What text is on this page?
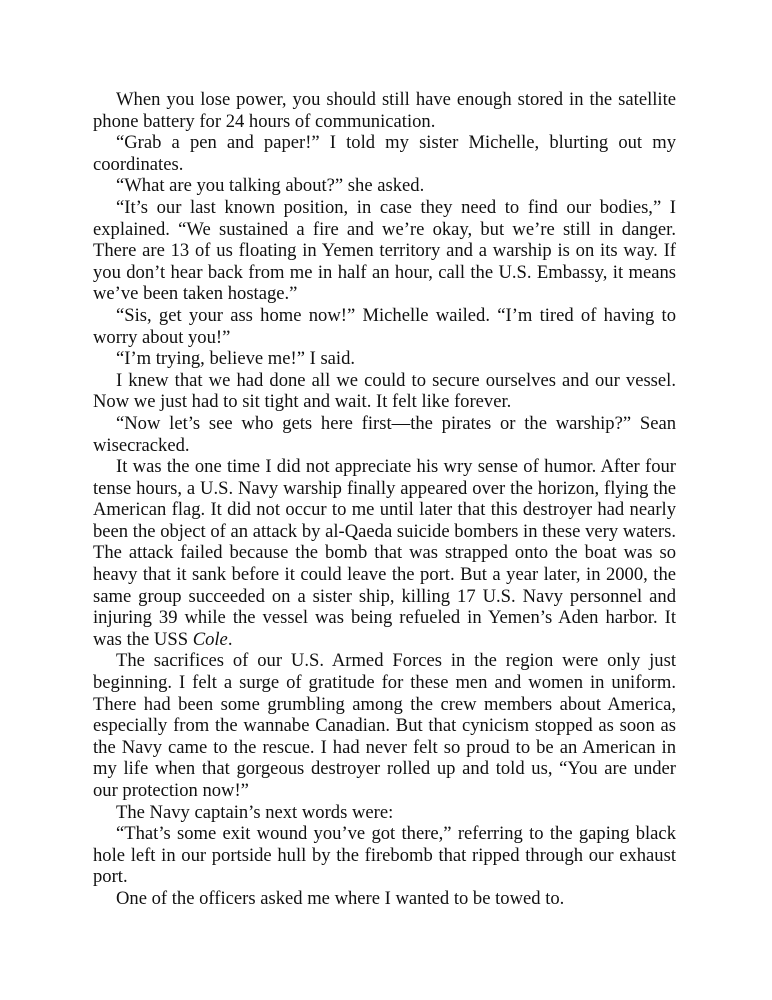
When you lose power, you should still have enough stored in the satellite phone battery for 24 hours of communication.

“Grab a pen and paper!” I told my sister Michelle, blurting out my coordinates.

“What are you talking about?” she asked.

“It’s our last known position, in case they need to find our bodies,” I explained. “We sustained a fire and we’re okay, but we’re still in danger. There are 13 of us floating in Yemen territory and a warship is on its way. If you don’t hear back from me in half an hour, call the U.S. Embassy, it means we’ve been taken hostage.”

“Sis, get your ass home now!” Michelle wailed. “I’m tired of having to worry about you!”

“I’m trying, believe me!” I said.

I knew that we had done all we could to secure ourselves and our vessel. Now we just had to sit tight and wait. It felt like forever.

“Now let’s see who gets here first—the pirates or the warship?” Sean wisecracked.

It was the one time I did not appreciate his wry sense of humor. After four tense hours, a U.S. Navy warship finally appeared over the horizon, flying the American flag. It did not occur to me until later that this destroyer had nearly been the object of an attack by al-Qaeda suicide bombers in these very waters. The attack failed because the bomb that was strapped onto the boat was so heavy that it sank before it could leave the port. But a year later, in 2000, the same group succeeded on a sister ship, killing 17 U.S. Navy personnel and injuring 39 while the vessel was being refueled in Yemen’s Aden harbor. It was the USS Cole.

The sacrifices of our U.S. Armed Forces in the region were only just beginning. I felt a surge of gratitude for these men and women in uniform. There had been some grumbling among the crew members about America, especially from the wannabe Canadian. But that cynicism stopped as soon as the Navy came to the rescue. I had never felt so proud to be an American in my life when that gorgeous destroyer rolled up and told us, “You are under our protection now!”

The Navy captain’s next words were:

“That’s some exit wound you’ve got there,” referring to the gaping black hole left in our portside hull by the firebomb that ripped through our exhaust port.

One of the officers asked me where I wanted to be towed to.
